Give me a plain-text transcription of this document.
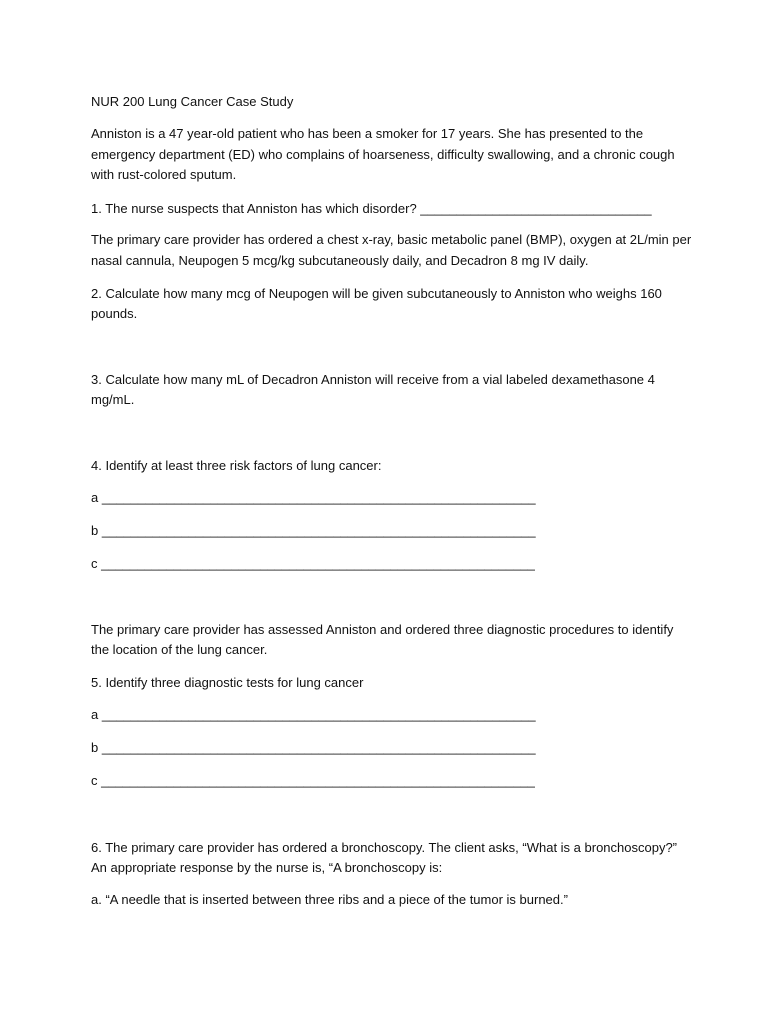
NUR 200 Lung Cancer Case Study

Anniston is a 47 year-old patient who has been a smoker for 17 years. She has presented to the

emergency department (ED) who complains of hoarseness, difficulty swallowing, and a chronic cough

with rust-colored sputum.

1. The nurse suspects that Anniston has which disorder? ________________________________

The primary care provider has ordered a chest x-ray, basic metabolic panel (BMP), oxygen at 2L/min per

nasal cannula, Neupogen 5 mcg/kg subcutaneously daily, and Decadron 8 mg IV daily.

2. Calculate how many mcg of Neupogen will be given subcutaneously to Anniston who weighs 160

pounds.

3. Calculate how many mL of Decadron Anniston will receive from a vial labeled dexamethasone 4

mg/mL.

4. Identify at least three risk factors of lung cancer:

a ____________________________________________________________

b ____________________________________________________________

c ____________________________________________________________

The primary care provider has assessed Anniston and ordered three diagnostic procedures to identify

the location of the lung cancer.

5. Identify three diagnostic tests for lung cancer

a ____________________________________________________________

b ____________________________________________________________

c ____________________________________________________________

6. The primary care provider has ordered a bronchoscopy. The client asks, “What is a bronchoscopy?”

An appropriate response by the nurse is, “A bronchoscopy is:

a. “A needle that is inserted between three ribs and a piece of the tumor is burned.”
